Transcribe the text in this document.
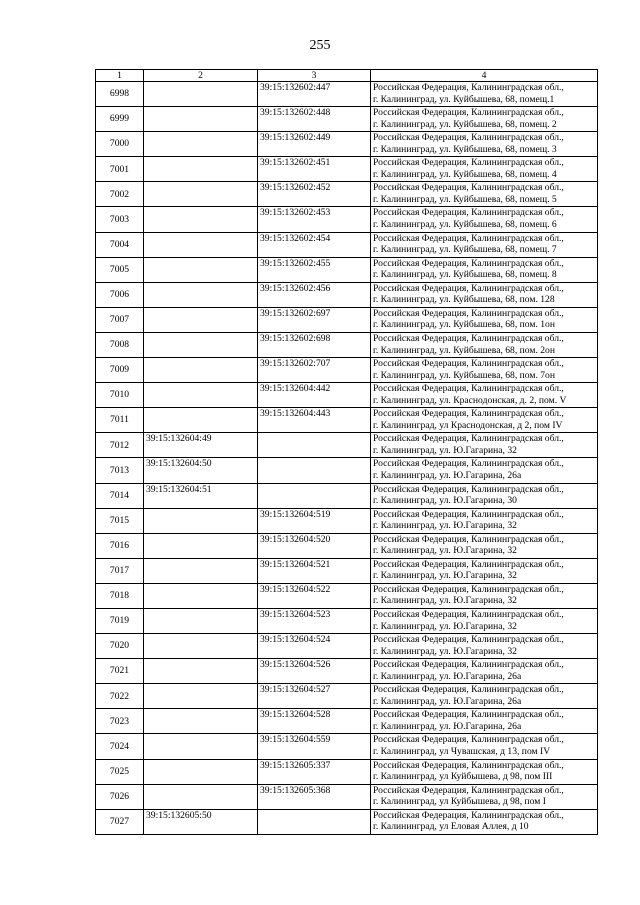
255
1	2	3	4
6998		39:15:132602:447	Российская Федерация, Калининградская обл.,
г. Калининград, ул. Куйбышева, 68, помещ.1

6999		39:15:132602:448	Российская Федерация, Калининградская обл.,
г. Калининград, ул. Куйбышева, 68, помещ. 2

7000		39:15:132602:449	Российская Федерация, Калининградская обл.,
г. Калининград, ул. Куйбышева, 68, помещ. 3

7001		39:15:132602:451	Российская Федерация, Калининградская обл.,
г. Калининград, ул. Куйбышева, 68, помещ. 4

7002		39:15:132602:452	Российская Федерация, Калининградская обл.,
г. Калининград, ул. Куйбышева, 68, помещ. 5

7003		39:15:132602:453	Российская Федерация, Калининградская обл.,
г. Калининград, ул. Куйбышева, 68, помещ. 6

7004		39:15:132602:454	Российская Федерация, Калининградская обл.,
г. Калининград, ул. Куйбышева, 68, помещ. 7

7005		39:15:132602:455	Российская Федерация, Калининградская обл.,
г. Калининград, ул. Куйбышева, 68, помещ. 8

7006		39:15:132602:456	Российская Федерация, Калининградская обл.,
г. Калининград, ул. Куйбышева, 68, пом. 128

7007		39:15:132602:697	Российская Федерация, Калининградская обл.,
г. Калининград, ул. Куйбышева, 68, пом. 1он

7008		39:15:132602:698	Российская Федерация, Калининградская обл.,
г. Калининград, ул. Куйбышева, 68, пом. 2он

7009		39:15:132602:707	Российская Федерация, Калининградская обл.,
г. Калининград, ул. Куйбышева, 68, пом. 7он

7010		39:15:132604:442	Российская Федерация, Калининградская обл.,
г. Калининград, ул. Краснодонская, д. 2, пом. V

7011		39:15:132604:443	Российская Федерация, Калининградская обл.,
г. Калининград, ул Краснодонская, д 2, пом IV

7012	39:15:132604:49		Российская Федерация, Калининградская обл.,
г. Калининград, ул. Ю.Гагарина, 32

7013	39:15:132604:50		Российская Федерация, Калининградская обл.,
г. Калининград, ул. Ю.Гагарина, 26а

7014	39:15:132604:51		Российская Федерация, Калининградская обл.,
г. Калининград, ул. Ю.Гагарина, 30

7015		39:15:132604:519	Российская Федерация, Калининградская обл.,
г. Калининград, ул. Ю.Гагарина, 32

7016		39:15:132604:520	Российская Федерация, Калининградская обл.,
г. Калининград, ул. Ю.Гагарина, 32

7017		39:15:132604:521	Российская Федерация, Калининградская обл.,
г. Калининград, ул. Ю.Гагарина, 32

7018		39:15:132604:522	Российская Федерация, Калининградская обл.,
г. Калининград, ул. Ю.Гагарина, 32

7019		39:15:132604:523	Российская Федерация, Калининградская обл.,
г. Калининград, ул. Ю.Гагарина, 32

7020		39:15:132604:524	Российская Федерация, Калининградская обл.,
г. Калининград, ул. Ю.Гагарина, 32

7021		39:15:132604:526	Российская Федерация, Калининградская обл.,
г. Калининград, ул. Ю.Гагарина, 26а

7022		39:15:132604:527	Российская Федерация, Калининградская обл.,
г. Калининград, ул. Ю.Гагарина, 26а

7023		39:15:132604:528	Российская Федерация, Калининградская обл.,
г. Калининград, ул. Ю.Гагарина, 26а

7024		39:15:132604:559	Российская Федерация, Калининградская обл.,
г. Калининград, ул Чувашская, д 13, пом IV

7025		39:15:132605:337	Российская Федерация, Калининградская обл.,
г. Калининград, ул Куйбышева, д 98, пом III

7026		39:15:132605:368	Российская Федерация, Калининградская обл.,
г. Калининград, ул Куйбышева, д 98, пом I

7027	39:15:132605:50		Российская Федерация, Калининградская обл.,
г. Калининград, ул Еловая Аллея, д 10
